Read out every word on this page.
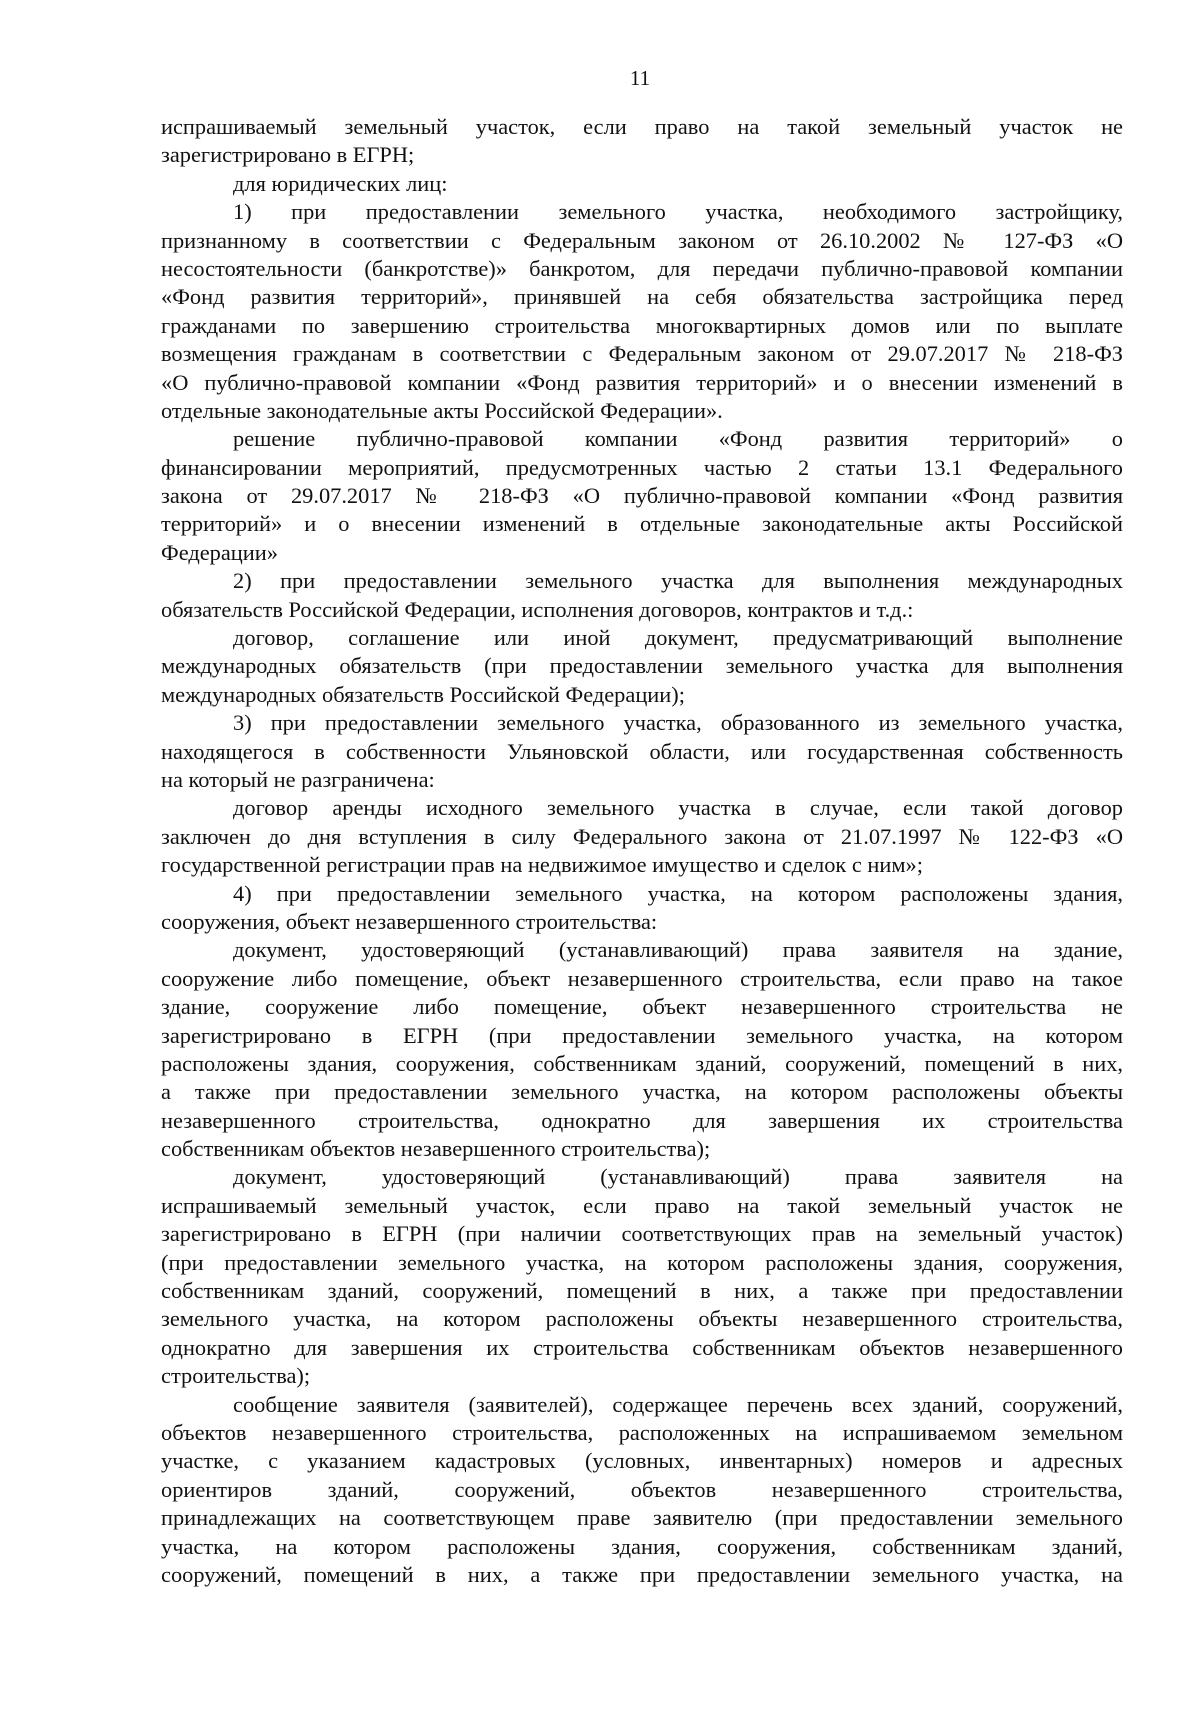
11
испрашиваемый земельный участок, если право на такой земельный участок не
зарегистрировано в ЕГРН;
для юридических лиц:
1) при предоставлении земельного участка, необходимого застройщику,
признанному в соответствии с Федеральным законом от 26.10.2002 № 127-ФЗ «О
несостоятельности (банкротстве)» банкротом, для передачи публично-правовой компании
«Фонд развития территорий», принявшей на себя обязательства застройщика перед
гражданами по завершению строительства многоквартирных домов или по выплате
возмещения гражданам в соответствии с Федеральным законом от 29.07.2017 № 218-ФЗ
«О публично-правовой компании «Фонд развития территорий» и о внесении изменений в
отдельные законодательные акты Российской Федерации».
решение публично-правовой компании «Фонд развития территорий» о
финансировании мероприятий, предусмотренных частью 2 статьи 13.1 Федерального
закона от 29.07.2017 № 218-ФЗ «О публично-правовой компании «Фонд развития
территорий» и о внесении изменений в отдельные законодательные акты Российской
Федерации»
2) при предоставлении земельного участка для выполнения международных
обязательств Российской Федерации, исполнения договоров, контрактов и т.д.:
договор, соглашение или иной документ, предусматривающий выполнение
международных обязательств (при предоставлении земельного участка для выполнения
международных обязательств Российской Федерации);
3) при предоставлении земельного участка, образованного из земельного участка,
находящегося в собственности Ульяновской области, или государственная собственность
на который не разграничена:
договор аренды исходного земельного участка в случае, если такой договор
заключен до дня вступления в силу Федерального закона от 21.07.1997 № 122-ФЗ «О
государственной регистрации прав на недвижимое имущество и сделок с ним»;
4) при предоставлении земельного участка, на котором расположены здания,
сооружения, объект незавершенного строительства:
документ, удостоверяющий (устанавливающий) права заявителя на здание,
сооружение либо помещение, объект незавершенного строительства, если право на такое
здание, сооружение либо помещение, объект незавершенного строительства не
зарегистрировано в ЕГРН (при предоставлении земельного участка, на котором
расположены здания, сооружения, собственникам зданий, сооружений, помещений в них,
а также при предоставлении земельного участка, на котором расположены объекты
незавершенного строительства, однократно для завершения их строительства
собственникам объектов незавершенного строительства);
документ, удостоверяющий (устанавливающий) права заявителя на
испрашиваемый земельный участок, если право на такой земельный участок не
зарегистрировано в ЕГРН (при наличии соответствующих прав на земельный участок)
(при предоставлении земельного участка, на котором расположены здания, сооружения,
собственникам зданий, сооружений, помещений в них, а также при предоставлении
земельного участка, на котором расположены объекты незавершенного строительства,
однократно для завершения их строительства собственникам объектов незавершенного
строительства);
сообщение заявителя (заявителей), содержащее перечень всех зданий, сооружений,
объектов незавершенного строительства, расположенных на испрашиваемом земельном
участке, с указанием кадастровых (условных, инвентарных) номеров и адресных
ориентиров зданий, сооружений, объектов незавершенного строительства,
принадлежащих на соответствующем праве заявителю (при предоставлении земельного
участка, на котором расположены здания, сооружения, собственникам зданий,
сооружений, помещений в них, а также при предоставлении земельного участка, на
